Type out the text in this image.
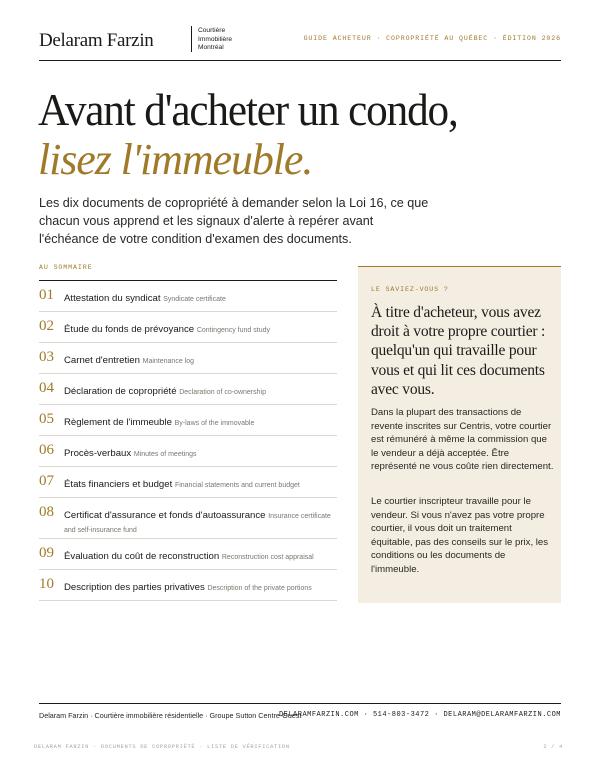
Delaram Farzin	Courtière
Immobilière
Montréal
GUIDE ACHETEUR · COPROPRIÉTÉ AU QUÉBEC · ÉDITION 2026
Avant d'acheter un condo,
lisez l'immeuble.
Les dix documents de copropriété à demander selon la Loi 16, ce que chacun vous apprend et les signaux d'alerte à repérer avant l'échéance de votre condition d'examen des documents.
AU SOMMAIRE
01 Attestation du syndicat Syndicate certificate
02 Étude du fonds de prévoyance Contingency fund study
03 Carnet d'entretien Maintenance log
04 Déclaration de copropriété Declaration of co-ownership
05 Règlement de l'immeuble By-laws of the immovable
06 Procès-verbaux Minutes of meetings
07 États financiers et budget Financial statements and current budget
08 Certificat d'assurance et fonds d'autoassurance Insurance certificate and self-insurance fund
09 Évaluation du coût de reconstruction Reconstruction cost appraisal
10 Description des parties privatives Description of the private portions
LE SAVIEZ-VOUS ?
À titre d'acheteur, vous avez droit à votre propre courtier : quelqu'un qui travaille pour vous et qui lit ces documents avec vous.
Dans la plupart des transactions de revente inscrites sur Centris, votre courtier est rémunéré à même la commission que le vendeur a déjà acceptée. Être représenté ne vous coûte rien directement.
Le courtier inscripteur travaille pour le vendeur. Si vous n'avez pas votre propre courtier, il vous doit un traitement équitable, pas des conseils sur le prix, les conditions ou les documents de l'immeuble.
Delaram Farzin · Courtière immobilière résidentielle · Groupe Sutton Centre-Ouest
DELARAMFARZIN.COM · 514-803-3472 · DELARAM@DELARAMFARZIN.COM
DELARAM FARZIN · DOCUMENTS DE COPROPRIÉTÉ · LISTE DE VÉRIFICATION	2 / 4
